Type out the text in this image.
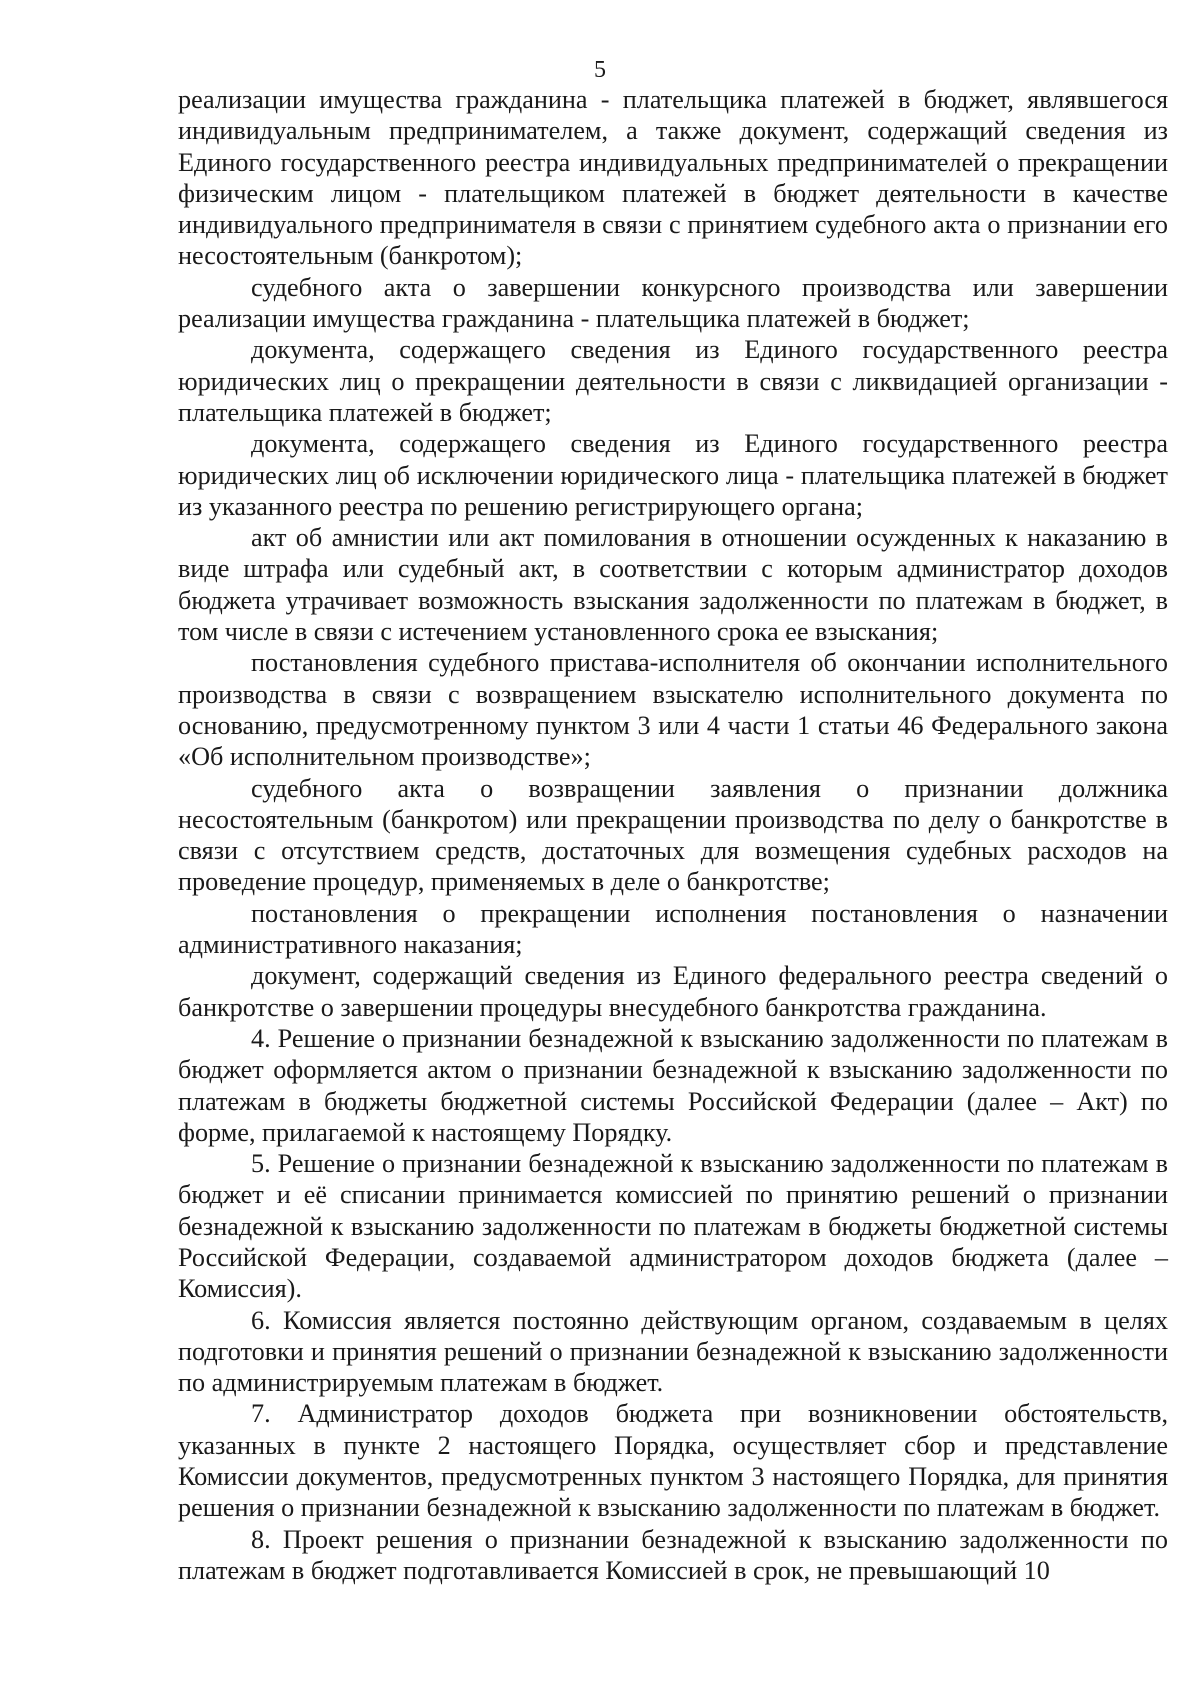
5

реализации имущества гражданина - плательщика платежей в бюджет, являвшегося индивидуальным предпринимателем, а также документ, содержащий сведения из Единого государственного реестра индивидуальных предпринимателей о прекращении физическим лицом - плательщиком платежей в бюджет деятельности в качестве индивидуального предпринимателя в связи с принятием судебного акта о признании его несостоятельным (банкротом);

судебного акта о завершении конкурсного производства или завершении реализации имущества гражданина - плательщика платежей в бюджет;

документа, содержащего сведения из Единого государственного реестра юридических лиц о прекращении деятельности в связи с ликвидацией организации - плательщика платежей в бюджет;

документа, содержащего сведения из Единого государственного реестра юридических лиц об исключении юридического лица - плательщика платежей в бюджет из указанного реестра по решению регистрирующего органа;

акт об амнистии или акт помилования в отношении осужденных к наказанию в виде штрафа или судебный акт, в соответствии с которым администратор доходов бюджета утрачивает возможность взыскания задолженности по платежам в бюджет, в том числе в связи с истечением установленного срока ее взыскания;

постановления судебного пристава-исполнителя об окончании исполнительного производства в связи с возвращением взыскателю исполнительного документа по основанию, предусмотренному пунктом 3 или 4 части 1 статьи 46 Федерального закона «Об исполнительном производстве»;

судебного акта о возвращении заявления о признании должника несостоятельным (банкротом) или прекращении производства по делу о банкротстве в связи с отсутствием средств, достаточных для возмещения судебных расходов на проведение процедур, применяемых в деле о банкротстве;

постановления о прекращении исполнения постановления о назначении административного наказания;

документ, содержащий сведения из Единого федерального реестра сведений о банкротстве о завершении процедуры внесудебного банкротства гражданина.

4. Решение о признании безнадежной к взысканию задолженности по платежам в бюджет оформляется актом о признании безнадежной к взысканию задолженности по платежам в бюджеты бюджетной системы Российской Федерации (далее – Акт) по форме, прилагаемой к настоящему Порядку.

5. Решение о признании безнадежной к взысканию задолженности по платежам в бюджет и её списании принимается комиссией по принятию решений о признании безнадежной к взысканию задолженности по платежам в бюджеты бюджетной системы Российской Федерации, создаваемой администратором доходов бюджета (далее – Комиссия).

6. Комиссия является постоянно действующим органом, создаваемым в целях подготовки и принятия решений о признании безнадежной к взысканию задолженности по администрируемым платежам в бюджет.

7. Администратор доходов бюджета при возникновении обстоятельств, указанных в пункте 2 настоящего Порядка, осуществляет сбор и представление Комиссии документов, предусмотренных пунктом 3 настоящего Порядка, для принятия решения о признании безнадежной к взысканию задолженности по платежам в бюджет.

8. Проект решения о признании безнадежной к взысканию задолженности по платежам в бюджет подготавливается Комиссией в срок, не превышающий 10
